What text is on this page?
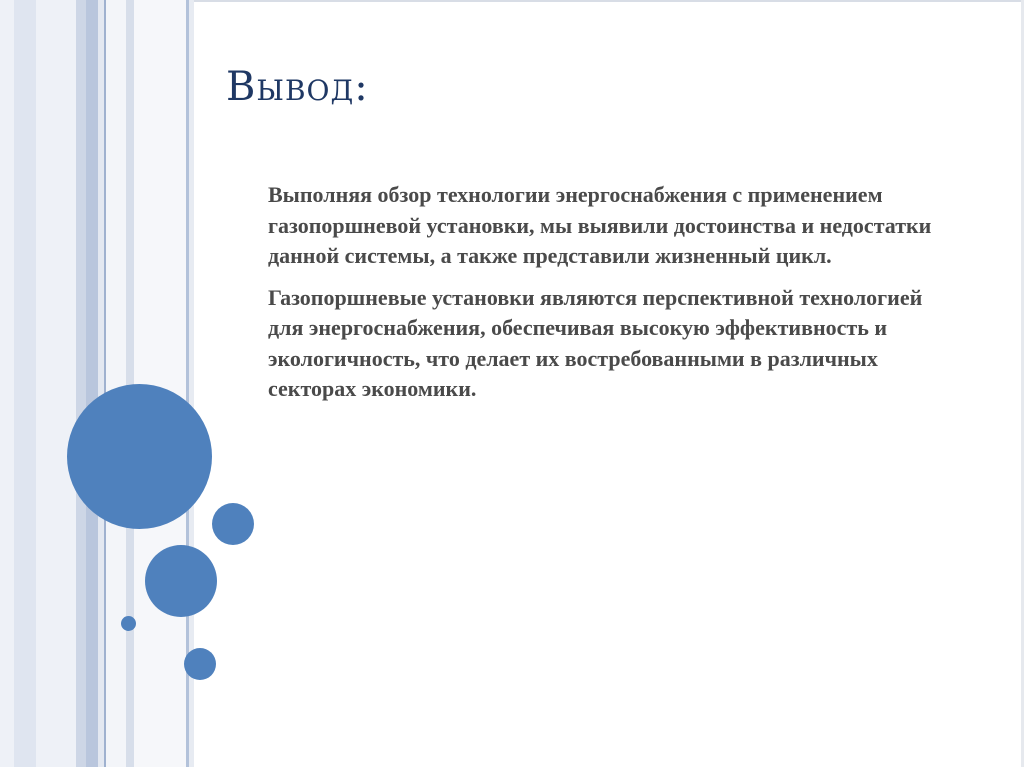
Вывод:

Выполняя обзор технологии энергоснабжения с применением газопоршневой установки, мы выявили достоинства и недостатки данной системы, а также представили жизненный цикл.

Газопоршневые установки являются перспективной технологией для энергоснабжения, обеспечивая высокую эффективность и экологичность, что делает их востребованными в различных секторах экономики.
